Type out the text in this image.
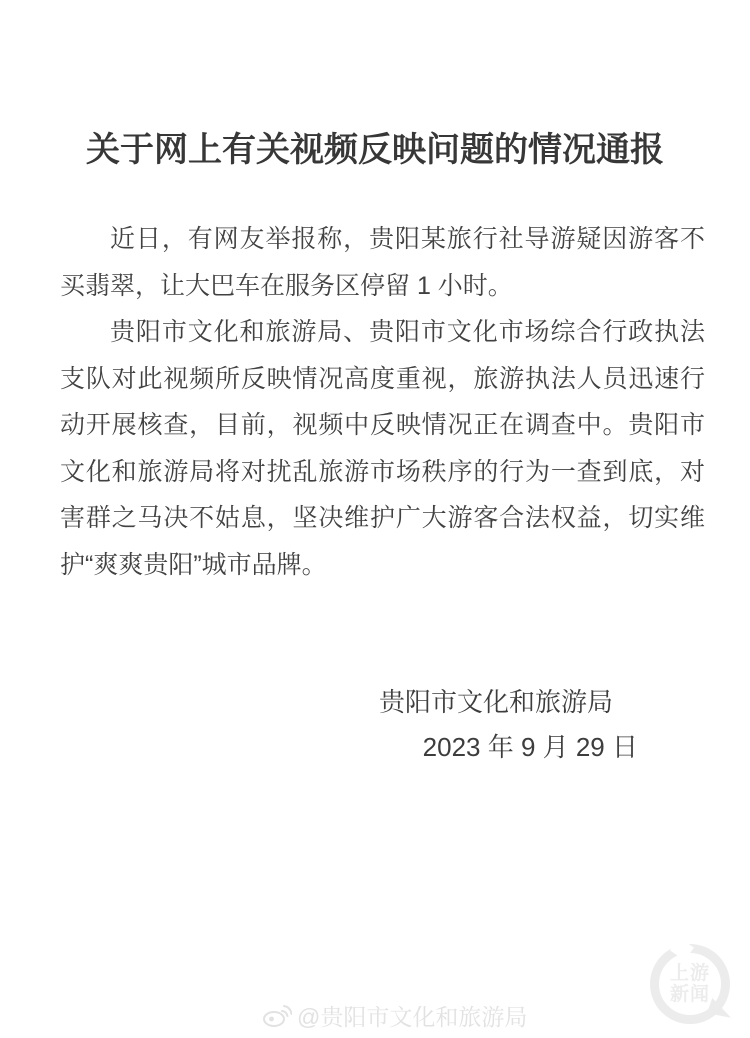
关于网上有关视频反映问题的情况通报

近日，有网友举报称，贵阳某旅行社导游疑因游客不买翡翠，让大巴车在服务区停留 1 小时。

贵阳市文化和旅游局、贵阳市文化市场综合行政执法支队对此视频所反映情况高度重视，旅游执法人员迅速行动开展核查，目前，视频中反映情况正在调查中。贵阳市文化和旅游局将对扰乱旅游市场秩序的行为一查到底，对害群之马决不姑息，坚决维护广大游客合法权益，切实维护“爽爽贵阳”城市品牌。

贵阳市文化和旅游局
2023 年 9 月 29 日
@贵阳市文化和旅游局
上游
新闻
